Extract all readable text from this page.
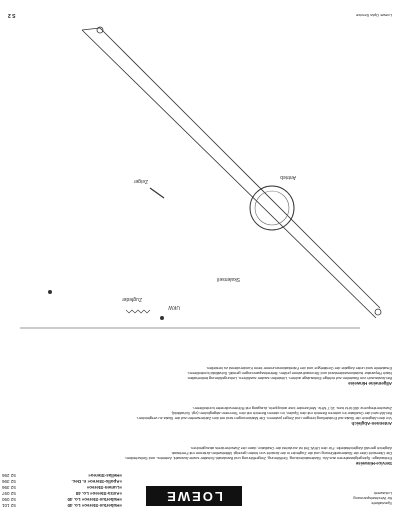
Spezialtiefe
für Wechselspannung
Lotuswerk
LOEWE OPTA
»Hubertus-Stereo« Lo. 40
52 101
»Hubertus-Stereo« Lo. 40
52 090
»Astra-Stereo« Lo. 40
52 097
»Lumen-Stereo«
52 396
»Apollo-Stereo« n. Dec.
52 396
»Hellas-Stereo«
52 296
Service-Hinweise
Einbaulage: Spiegelglasrahmen aus Alu. Skalenabdeckung, Seilführung, Zeigerführung und Bandwahl-Schalter sowie Auswahl, Antriebs- und Seilscheiben.
Die Übersicht über die Skalenseilführung und die Zugfeder in der Ansicht von hinten gezeigt. Mittelwellen-Antenne mit Ferritstab.
Abgleich gemäß Abgleichtabelle. Für den UKW-Teil ist zunächst der Oszillator, dann der Zwischenkreis abzugleichen.
Antennen-Abgleich
Vor dem Abgleich die Skala auf Endstellung bringen und Zeiger justieren. Die Markierungen sind mit den Zahlenwerten auf der Skala zu vergleichen.
Bei AM wird der Oszillator im unteren Bereich mit den Spulen, im oberen Bereich mit den Trimmern abgeglichen (vgl. Schaltbild).
Zwischenfrequenz 460 kHz bzw. 10,7 MHz. Meßsender lose ankoppeln, Ausgang mit Röhrenvoltmeter kontrollieren.
Allgemeine Hinweise
Bei Austausch von Bauteilen auf richtige Einbaulage achten. Lötstellen sauber ausführen, Leitungsführung beibehalten.
Nach Reparatur Isolationswiderstand und Stromaufnahme prüfen. Betriebsspannungen gemäß Schaltbild kontrollieren.
Ersatzteile sind unter Angabe der Gerätetype und der Fabrikationsnummer beim Kundendienst zu bestellen.
UKW
Skalenseil
Antrieb
Zugfeder
Zeiger
Loewe Opta Service
S 2
